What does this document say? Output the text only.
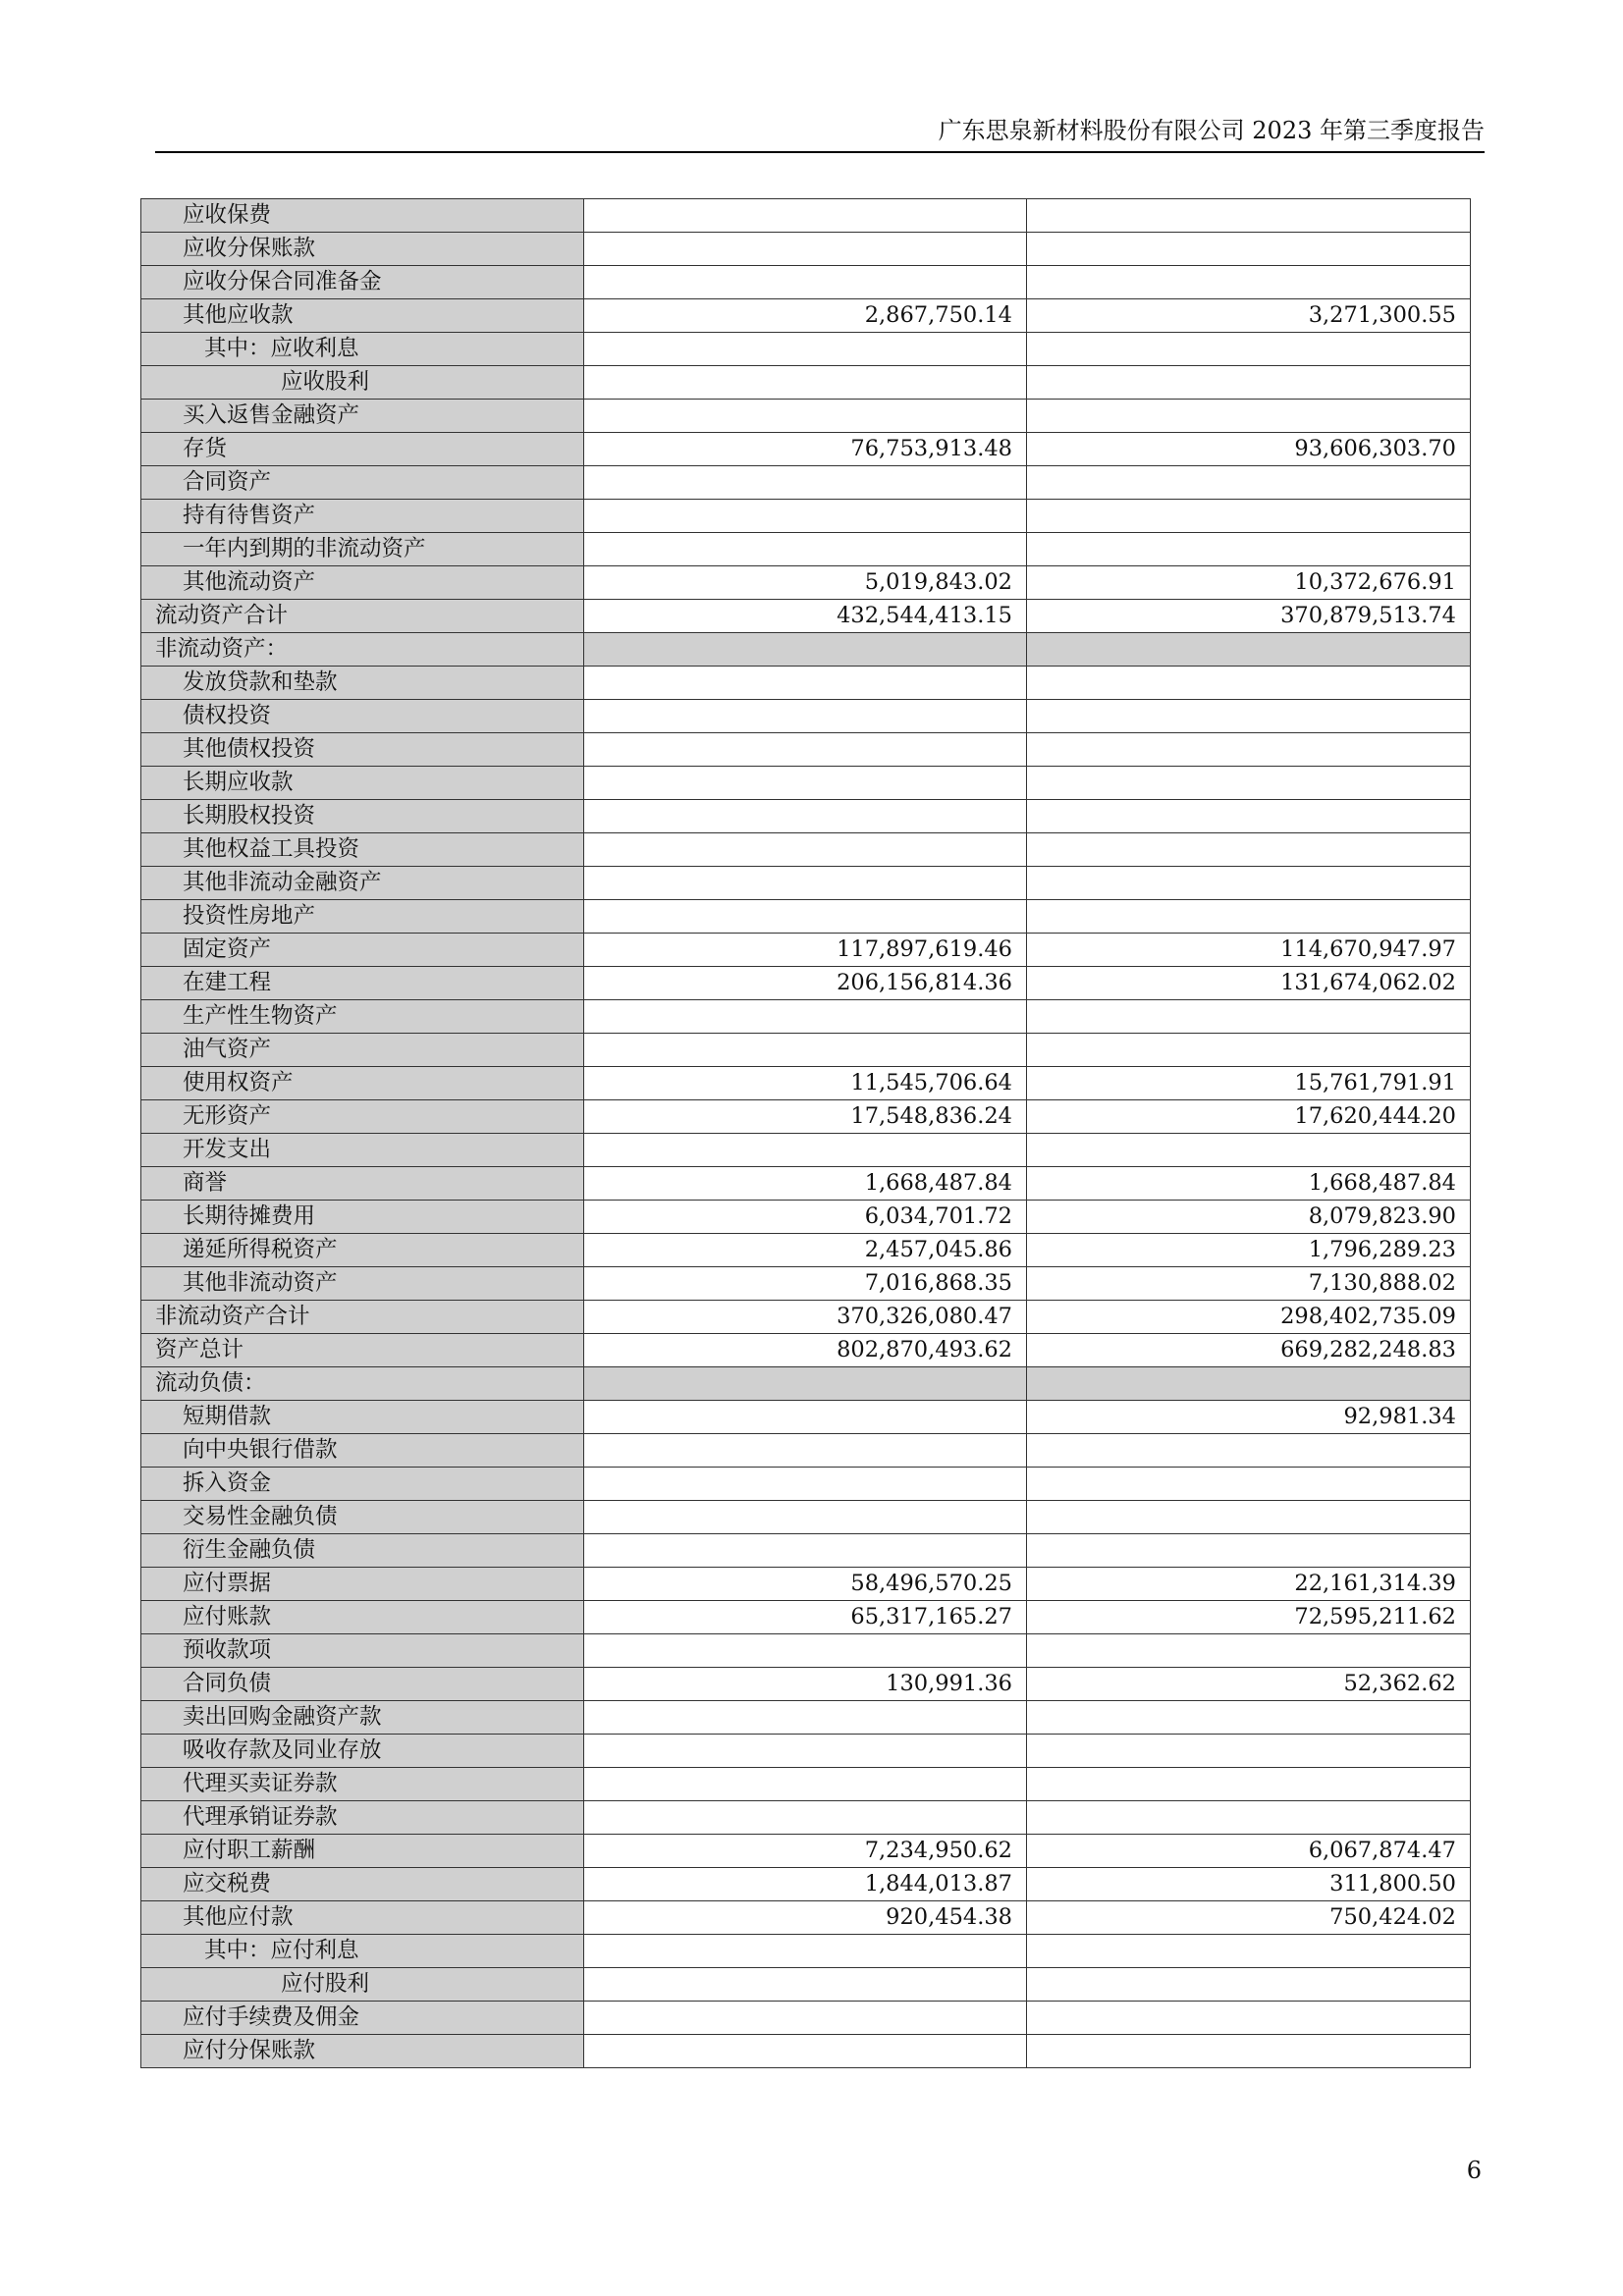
广东思泉新材料股份有限公司 2023 年第三季度报告
应收保费		
应收分保账款		
应收分保合同准备金		
其他应收款	2,867,750.14	3,271,300.55
其中：应收利息		
应收股利		
买入返售金融资产		
存货	76,753,913.48	93,606,303.70
合同资产		
持有待售资产		
一年内到期的非流动资产		
其他流动资产	5,019,843.02	10,372,676.91
流动资产合计	432,544,413.15	370,879,513.74
非流动资产：		
发放贷款和垫款		
债权投资		
其他债权投资		
长期应收款		
长期股权投资		
其他权益工具投资		
其他非流动金融资产		
投资性房地产		
固定资产	117,897,619.46	114,670,947.97
在建工程	206,156,814.36	131,674,062.02
生产性生物资产		
油气资产		
使用权资产	11,545,706.64	15,761,791.91
无形资产	17,548,836.24	17,620,444.20
开发支出		
商誉	1,668,487.84	1,668,487.84
长期待摊费用	6,034,701.72	8,079,823.90
递延所得税资产	2,457,045.86	1,796,289.23
其他非流动资产	7,016,868.35	7,130,888.02
非流动资产合计	370,326,080.47	298,402,735.09
资产总计	802,870,493.62	669,282,248.83
流动负债：		
短期借款		92,981.34
向中央银行借款		
拆入资金		
交易性金融负债		
衍生金融负债		
应付票据	58,496,570.25	22,161,314.39
应付账款	65,317,165.27	72,595,211.62
预收款项		
合同负债	130,991.36	52,362.62
卖出回购金融资产款		
吸收存款及同业存放		
代理买卖证券款		
代理承销证券款		
应付职工薪酬	7,234,950.62	6,067,874.47
应交税费	1,844,013.87	311,800.50
其他应付款	920,454.38	750,424.02
其中：应付利息		
应付股利		
应付手续费及佣金		
应付分保账款		
6
